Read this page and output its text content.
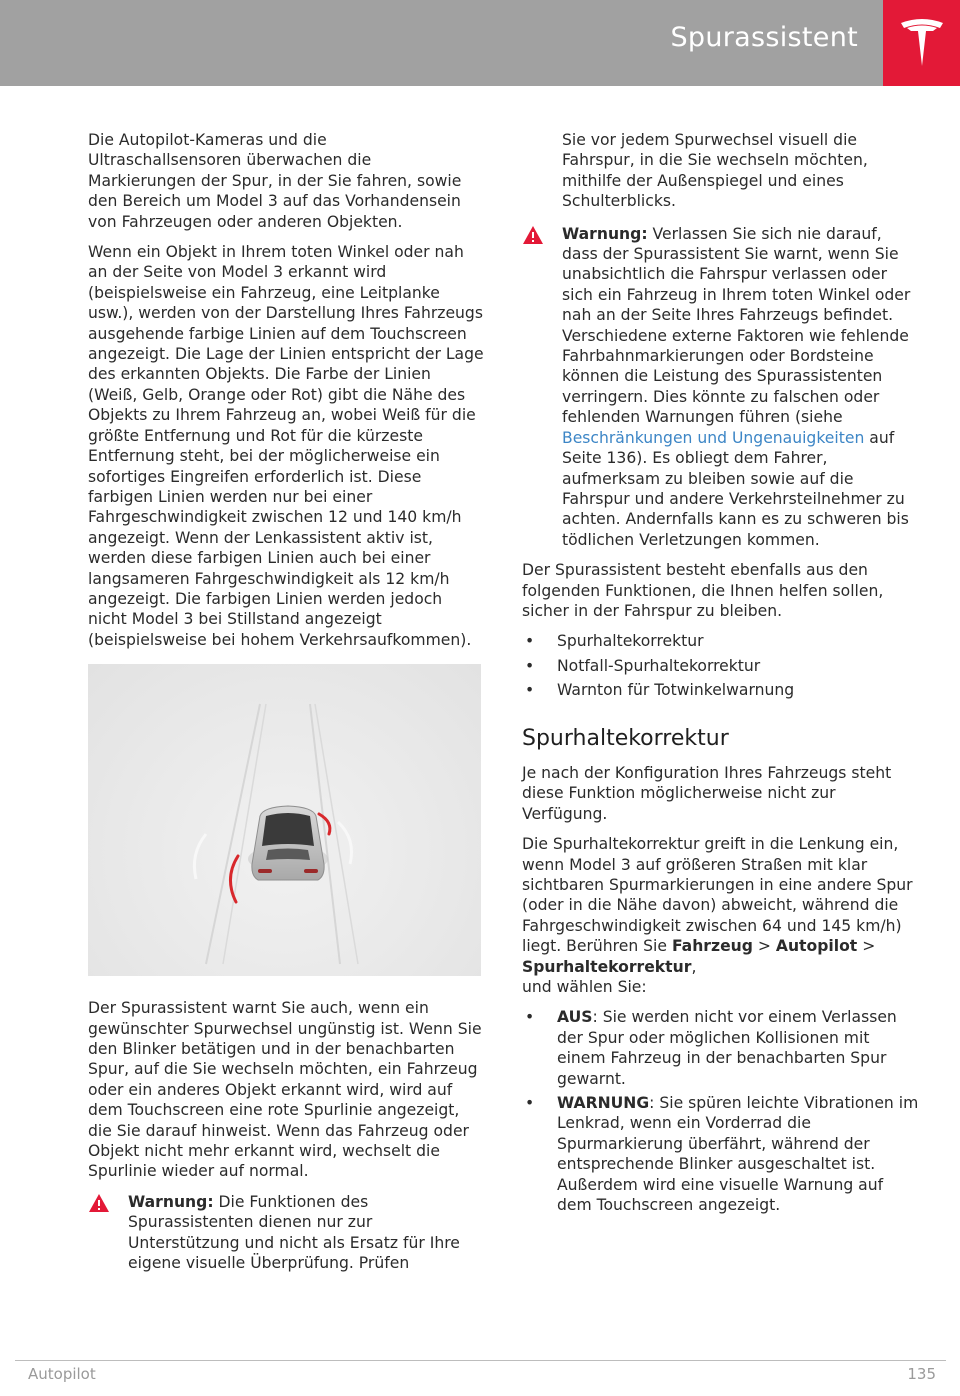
Spurassistent

Die Autopilot-Kameras und die Ultraschallsensoren überwachen die Markierungen der Spur, in der Sie fahren, sowie den Bereich um Model 3 auf das Vorhandensein von Fahrzeugen oder anderen Objekten.

Wenn ein Objekt in Ihrem toten Winkel oder nah an der Seite von Model 3 erkannt wird (beispielsweise ein Fahrzeug, eine Leitplanke usw.), werden von der Darstellung Ihres Fahrzeugs ausgehende farbige Linien auf dem Touchscreen angezeigt. Die Lage der Linien entspricht der Lage des erkannten Objekts. Die Farbe der Linien (Weiß, Gelb, Orange oder Rot) gibt die Nähe des Objekts zu Ihrem Fahrzeug an, wobei Weiß für die größte Entfernung und Rot für die kürzeste Entfernung steht, bei der möglicherweise ein sofortiges Eingreifen erforderlich ist. Diese farbigen Linien werden nur bei einer Fahrgeschwindigkeit zwischen 12 und 140 km/h angezeigt. Wenn der Lenkassistent aktiv ist, werden diese farbigen Linien auch bei einer langsameren Fahrgeschwindigkeit als 12 km/h angezeigt. Die farbigen Linien werden jedoch nicht Model 3 bei Stillstand angezeigt (beispielsweise bei hohem Verkehrsaufkommen).

Der Spurassistent warnt Sie auch, wenn ein gewünschter Spurwechsel ungünstig ist. Wenn Sie den Blinker betätigen und in der benachbarten Spur, auf die Sie wechseln möchten, ein Fahrzeug oder ein anderes Objekt erkannt wird, wird auf dem Touchscreen eine rote Spurlinie angezeigt, die Sie darauf hinweist. Wenn das Fahrzeug oder Objekt nicht mehr erkannt wird, wechselt die Spurlinie wieder auf normal.

Warnung: Die Funktionen des Spurassistenten dienen nur zur Unterstützung und nicht als Ersatz für Ihre eigene visuelle Überprüfung. Prüfen
Sie vor jedem Spurwechsel visuell die Fahrspur, in die Sie wechseln möchten, mithilfe der Außenspiegel und eines Schulterblicks.
Warnung: Verlassen Sie sich nie darauf, dass der Spurassistent Sie warnt, wenn Sie unabsichtlich die Fahrspur verlassen oder sich ein Fahrzeug in Ihrem toten Winkel oder nah an der Seite Ihres Fahrzeugs befindet. Verschiedene externe Faktoren wie fehlende Fahrbahnmarkierungen oder Bordsteine können die Leistung des Spurassistenten verringern. Dies könnte zu falschen oder fehlenden Warnungen führen (siehe Beschränkungen und Ungenauigkeiten auf Seite 136). Es obliegt dem Fahrer, aufmerksam zu bleiben sowie auf die Fahrspur und andere Verkehrsteilnehmer zu achten. Andernfalls kann es zu schweren bis tödlichen Verletzungen kommen.

Der Spurassistent besteht ebenfalls aus den folgenden Funktionen, die Ihnen helfen sollen, sicher in der Fahrspur zu bleiben.

• Spurhaltekorrektur
• Notfall-Spurhaltekorrektur
• Warnton für Totwinkelwarnung
Spurhaltekorrektur

Je nach der Konfiguration Ihres Fahrzeugs steht diese Funktion möglicherweise nicht zur Verfügung.

Die Spurhaltekorrektur greift in die Lenkung ein, wenn Model 3 auf größeren Straßen mit klar sichtbaren Spurmarkierungen in eine andere Spur (oder in die Nähe davon) abweicht, während die Fahrgeschwindigkeit zwischen 64 und 145 km/h) liegt. Berühren Sie Fahrzeug > Autopilot > Spurhaltekorrektur,
und wählen Sie:

• AUS: Sie werden nicht vor einem Verlassen der Spur oder möglichen Kollisionen mit einem Fahrzeug in der benachbarten Spur gewarnt.
• WARNUNG: Sie spüren leichte Vibrationen im Lenkrad, wenn ein Vorderrad die Spurmarkierung überfährt, während der entsprechende Blinker ausgeschaltet ist. Außerdem wird eine visuelle Warnung auf dem Touchscreen angezeigt.
Autopilot	135
